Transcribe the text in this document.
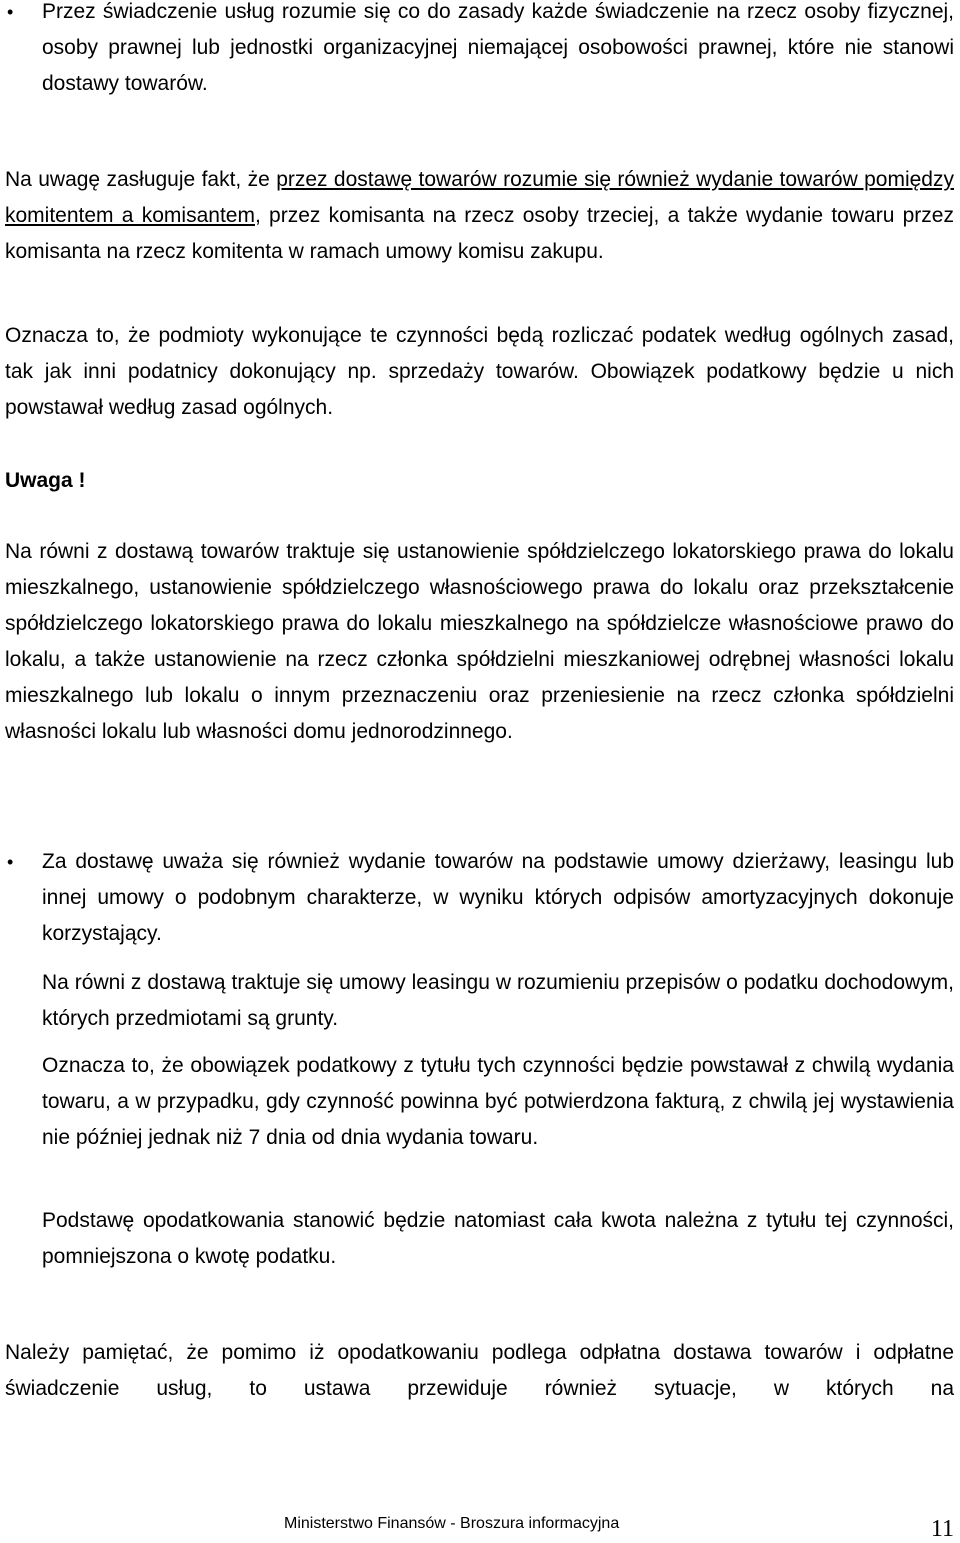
•	Przez świadczenie usług rozumie się co do zasady każde świadczenie na rzecz osoby fizycznej, osoby prawnej lub jednostki organizacyjnej niemającej osobowości prawnej, które nie stanowi dostawy towarów.

Na uwagę zasługuje fakt, że przez dostawę towarów rozumie się również wydanie towarów pomiędzy komitentem a komisantem, przez komisanta na rzecz osoby trzeciej, a także wydanie towaru przez komisanta na rzecz komitenta w ramach umowy komisu zakupu.

Oznacza to, że podmioty wykonujące te czynności będą rozliczać podatek według ogólnych zasad, tak jak inni podatnicy dokonujący np. sprzedaży towarów. Obowiązek podatkowy będzie u nich powstawał według zasad ogólnych.

Uwaga !

Na równi z dostawą towarów traktuje się ustanowienie spółdzielczego lokatorskiego prawa do lokalu mieszkalnego, ustanowienie spółdzielczego własnościowego prawa do lokalu oraz przekształcenie spółdzielczego lokatorskiego prawa do lokalu mieszkalnego na spółdzielcze własnościowe prawo do lokalu, a także ustanowienie na rzecz członka spółdzielni mieszkaniowej odrębnej własności lokalu mieszkalnego lub lokalu o innym przeznaczeniu oraz przeniesienie na rzecz członka spółdzielni własności lokalu lub własności domu jednorodzinnego.

•	Za dostawę uważa się również wydanie towarów na podstawie umowy dzierżawy, leasingu lub innej umowy o podobnym charakterze, w wyniku których odpisów amortyzacyjnych dokonuje korzystający.

Na równi z dostawą traktuje się umowy leasingu w rozumieniu przepisów o podatku dochodowym, których przedmiotami są grunty.

Oznacza to, że obowiązek podatkowy z tytułu tych czynności będzie powstawał z chwilą wydania towaru, a w przypadku, gdy czynność powinna być potwierdzona fakturą, z chwilą jej wystawienia nie później jednak niż 7 dnia od dnia wydania towaru.

Podstawę opodatkowania stanowić będzie natomiast cała kwota należna z tytułu tej czynności, pomniejszona o kwotę podatku.

Należy pamiętać, że pomimo iż opodatkowaniu podlega odpłatna dostawa towarów i odpłatne świadczenie usług, to ustawa przewiduje również sytuacje, w których na

Ministerstwo Finansów - Broszura informacyjna	11
